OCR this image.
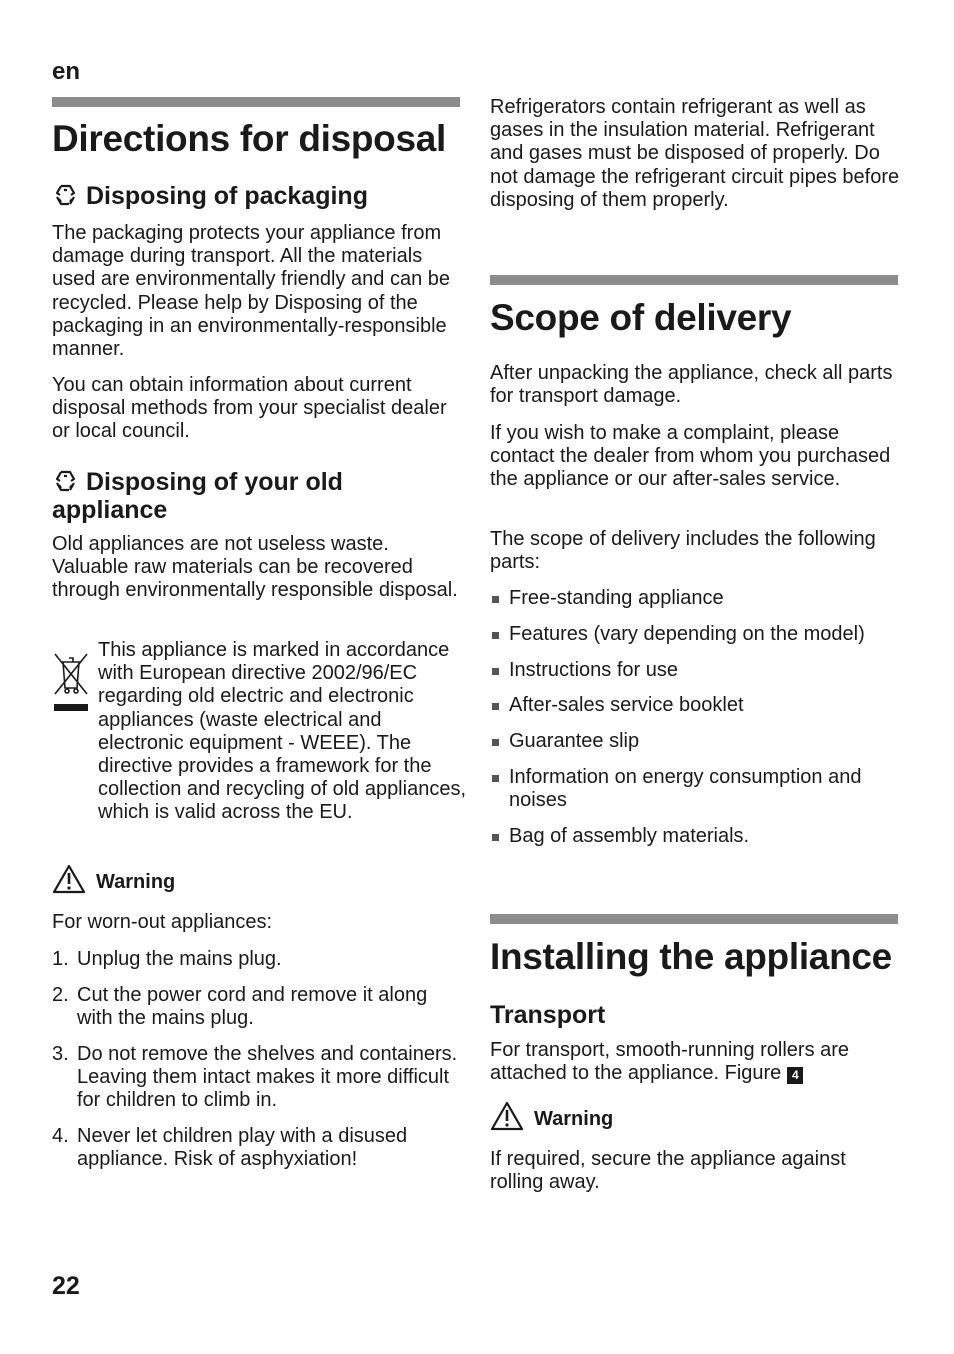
en
Directions for disposal
Disposing of packaging

The packaging protects your appliance from damage during transport. All the materials used are environmentally friendly and can be recycled. Please help by Disposing of the packaging in an environmentally-responsible manner.

You can obtain information about current disposal methods from your specialist dealer or local council.

Disposing of your old appliance

Old appliances are not useless waste. Valuable raw materials can be recovered through environmentally responsible disposal.

This appliance is marked in accordance with European directive 2002/96/EC regarding old electric and electronic appliances (waste electrical and electronic equipment - WEEE). The directive provides a framework for the collection and recycling of old appliances, which is valid across the EU.

Warning

For worn-out appliances:

1. Unplug the mains plug.
2. Cut the power cord and remove it along with the mains plug.
3. Do not remove the shelves and containers. Leaving them intact makes it more difficult for children to climb in.
4. Never let children play with a disused appliance. Risk of asphyxiation!

Refrigerators contain refrigerant as well as gases in the insulation material. Refrigerant and gases must be disposed of properly. Do not damage the refrigerant circuit pipes before disposing of them properly.

Scope of delivery

After unpacking the appliance, check all parts for transport damage.

If you wish to make a complaint, please contact the dealer from whom you purchased the appliance or our after-sales service.

The scope of delivery includes the following parts:

Free-standing appliance
Features (vary depending on the model)
Instructions for use
After-sales service booklet
Guarantee slip
Information on energy consumption and noises
Bag of assembly materials.
Installing the appliance
Transport

For transport, smooth-running rollers are attached to the appliance. Figure 4

Warning

If required, secure the appliance against rolling away.

22
